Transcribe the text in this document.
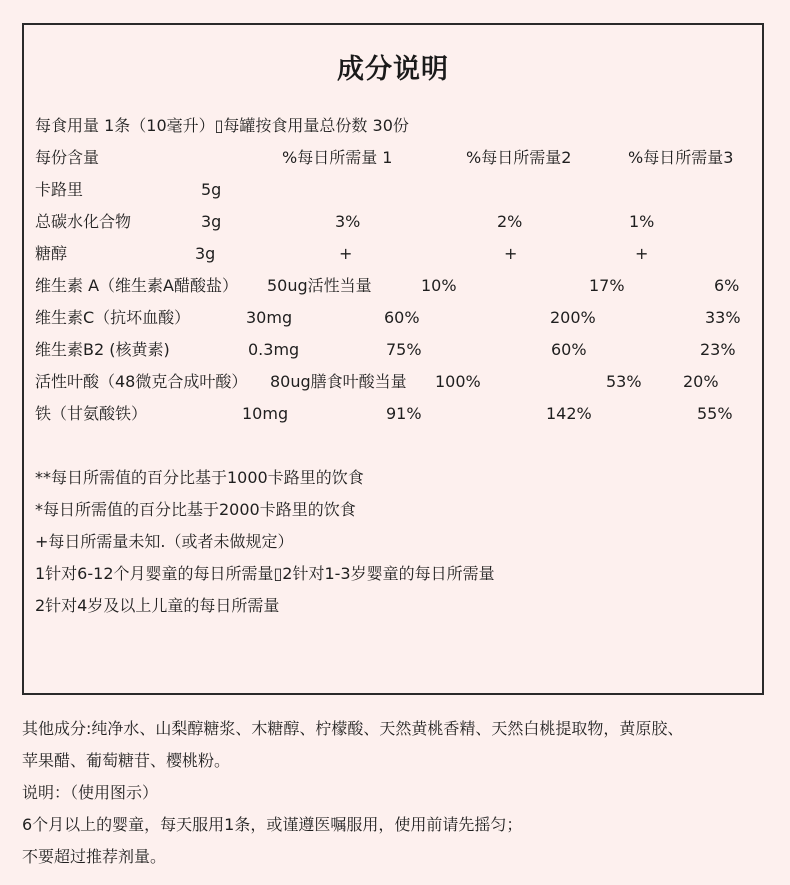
成分说明
每食用量 1条（10毫升）▯每罐按食用量总份数 30份
每份含量	%每日所需量 1	%每日所需量2	%每日所需量3
卡路里	5g
总碳水化合物	3g	3%	2%	1%
糖醇	3g	+	+	+
维生素 A（维生素A醋酸盐） 50ug活性当量	10%	17%	6%
维生素C（抗坏血酸）	30mg	60%	200%	33%
维生素B2 (核黄素)	0.3mg	75%	60%	23%
活性叶酸（48微克合成叶酸） 80ug膳食叶酸当量 100%	53%	20%
铁（甘氨酸铁）	10mg	91%	142%	55%
**每日所需值的百分比基于1000卡路里的饮食
*每日所需值的百分比基于2000卡路里的饮食
+每日所需量未知.（或者未做规定）
1针对6-12个月婴童的每日所需量▯2针对1-3岁婴童的每日所需量
2针对4岁及以上儿童的每日所需量
其他成分:纯净水、山梨醇糖浆、木糖醇、柠檬酸、天然黄桃香精、天然白桃提取物，黄原胶、
苹果醋、葡萄糖苷、樱桃粉。
说明：（使用图示）
6个月以上的婴童，每天服用1条，或谨遵医嘱服用，使用前请先摇匀；
不要超过推荐剂量。
